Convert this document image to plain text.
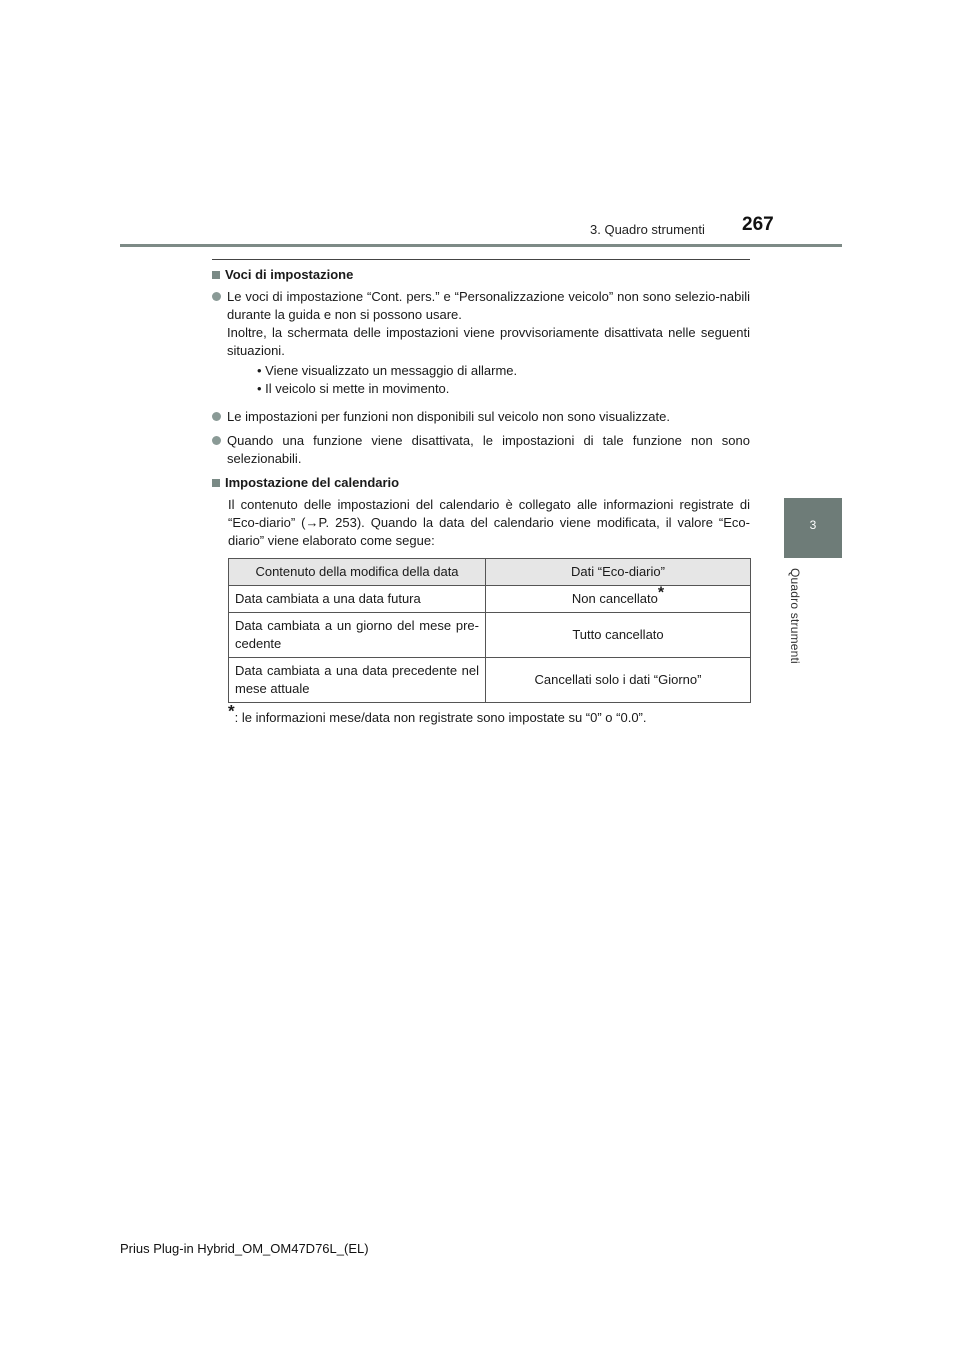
3. Quadro strumenti 267
3
Quadro strumenti
Voci di impostazione
Le voci di impostazione “Cont. pers.” e “Personalizzazione veicolo” non sono selezio-nabili durante la guida e non si possono usare.
Inoltre, la schermata delle impostazioni viene provvisoriamente disattivata nelle seguenti situazioni.
• Viene visualizzato un messaggio di allarme.
• Il veicolo si mette in movimento.
Le impostazioni per funzioni non disponibili sul veicolo non sono visualizzate.
Quando una funzione viene disattivata, le impostazioni di tale funzione non sono selezionabili.
Impostazione del calendario
Il contenuto delle impostazioni del calendario è collegato alle informazioni registrate di “Eco-diario” (→P. 253). Quando la data del calendario viene modificata, il valore “Eco-diario” viene elaborato come segue:
Contenuto della modifica della data	Dati “Eco-diario”
Data cambiata a una data futura	Non cancellato*
Data cambiata a un giorno del mese pre-cedente	Tutto cancellato
Data cambiata a una data precedente nel mese attuale	Cancellati solo i dati “Giorno”
*: le informazioni mese/data non registrate sono impostate su “0” o “0.0”.
Prius Plug-in Hybrid_OM_OM47D76L_(EL)
